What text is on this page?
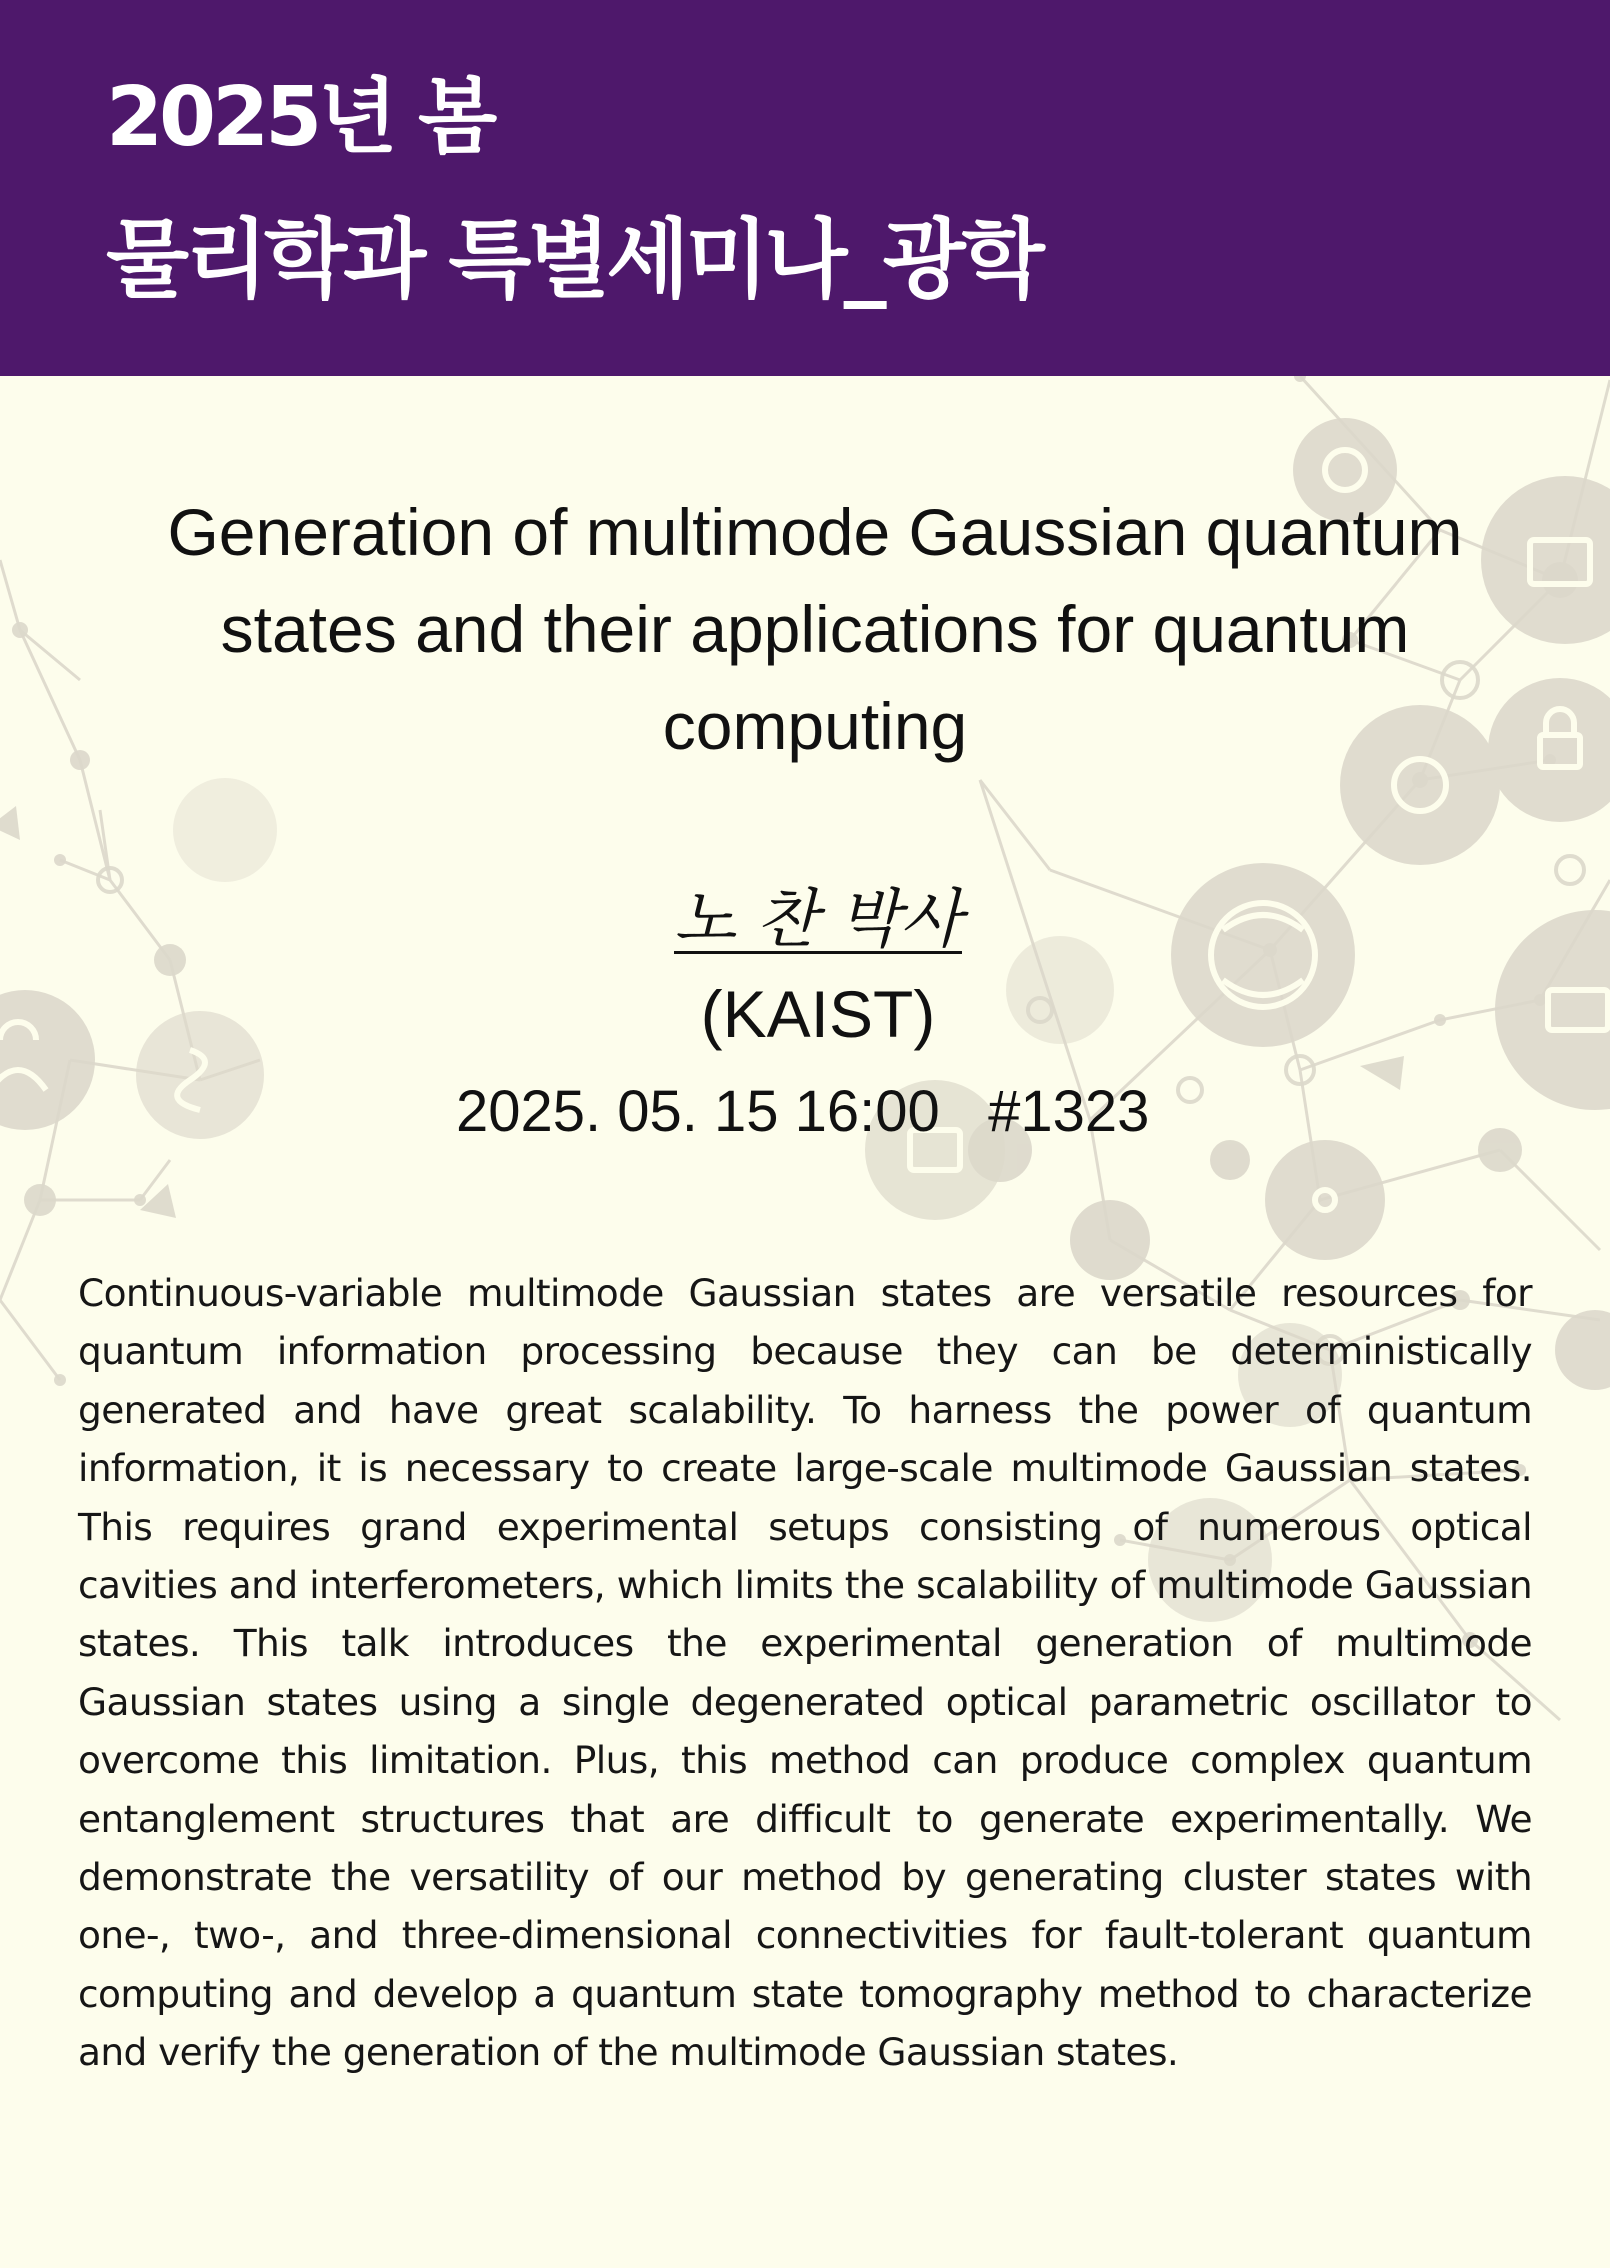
2025년 봄
물리학과 특별세미나_광학
Generation of multimode Gaussian quantum states and their applications for quantum computing
노 찬 박사
(KAIST)
2025. 05. 15 16:00   #1323
Continuous-variable multimode Gaussian states are versatile resources for quantum information processing because they can be deterministically generated and have great scalability. To harness the power of quantum information, it is necessary to create large-scale multimode Gaussian states. This requires grand experimental setups consisting of numerous optical cavities and interferometers, which limits the scalability of multimode Gaussian states. This talk introduces the experimental generation of multimode Gaussian states using a single degenerated optical parametric oscillator to overcome this limitation. Plus, this method can produce complex quantum entanglement structures that are difficult to generate experimentally. We demonstrate the versatility of our method by generating cluster states with one-, two-, and three-dimensional connectivities for fault-tolerant quantum computing and develop a quantum state tomography method to characterize and verify the generation of the multimode Gaussian states.
